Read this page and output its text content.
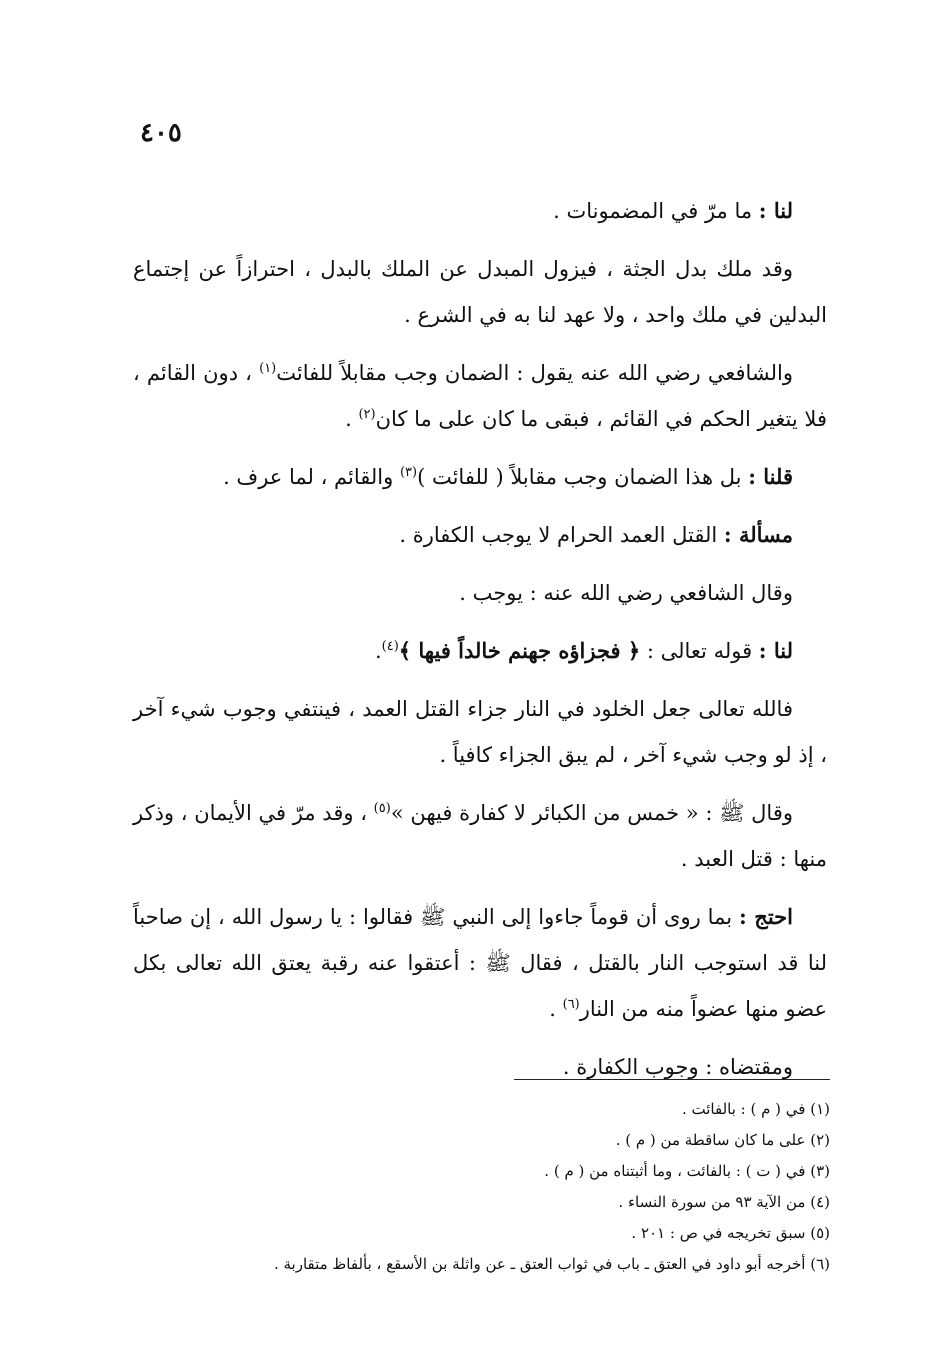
٤٠٥

لنا : ما مرّ في المضمونات .

وقد ملك بدل الجثة ، فيزول المبدل عن الملك بالبدل ، احترازاً عن إجتماع البدلين في ملك واحد ، ولا عهد لنا به في الشرع .

والشافعي رضي الله عنه يقول : الضمان وجب مقابلاً للفائت$^{(١)}$ ، دون القائم ، فلا يتغير الحكم في القائم ، فبقى ما كان على ما كان$^{(٢)}$ .

قلنا : بل هذا الضمان وجب مقابلاً ( للفائت )$^{(٣)}$ والقائم ، لما عرف .

مسألة : القتل العمد الحرام لا يوجب الكفارة .

وقال الشافعي رضي الله عنه : يوجب .

لنا : قوله تعالى : ﴿ فجزاؤه جهنم خالداً فيها ﴾$^{(٤)}$.

فالله تعالى جعل الخلود في النار جزاء القتل العمد ، فينتفي وجوب شيء آخر ، إذ لو وجب شيء آخر ، لم يبق الجزاء كافياً .

وقال ﷺ : « خمس من الكبائر لا كفارة فيهن »$^{(٥)}$ ، وقد مرّ في الأيمان ، وذكر منها : قتل العبد .

احتج : بما روى أن قوماً جاءوا إلى النبي ﷺ فقالوا : يا رسول الله ، إن صاحباً لنا قد استوجب النار بالقتل ، فقال ﷺ : أعتقوا عنه رقبة يعتق الله تعالى بكل عضو منها عضواً منه من النار$^{(٦)}$ .

ومقتضاه : وجوب الكفارة .

(١) في ( م ) : بالفائت .
(٢) على ما كان ساقطة من ( م ) .
(٣) في ( ت ) : بالفائت ، وما أثبتناه من ( م ) .
(٤) من الآية ٩٣ من سورة النساء .
(٥) سبق تخريجه في ص : ٢٠١ .
(٦) أخرجه أبو داود في العتق ـ باب في ثواب العتق ـ عن واثلة بن الأسقع ، بألفاظ متقاربة .
